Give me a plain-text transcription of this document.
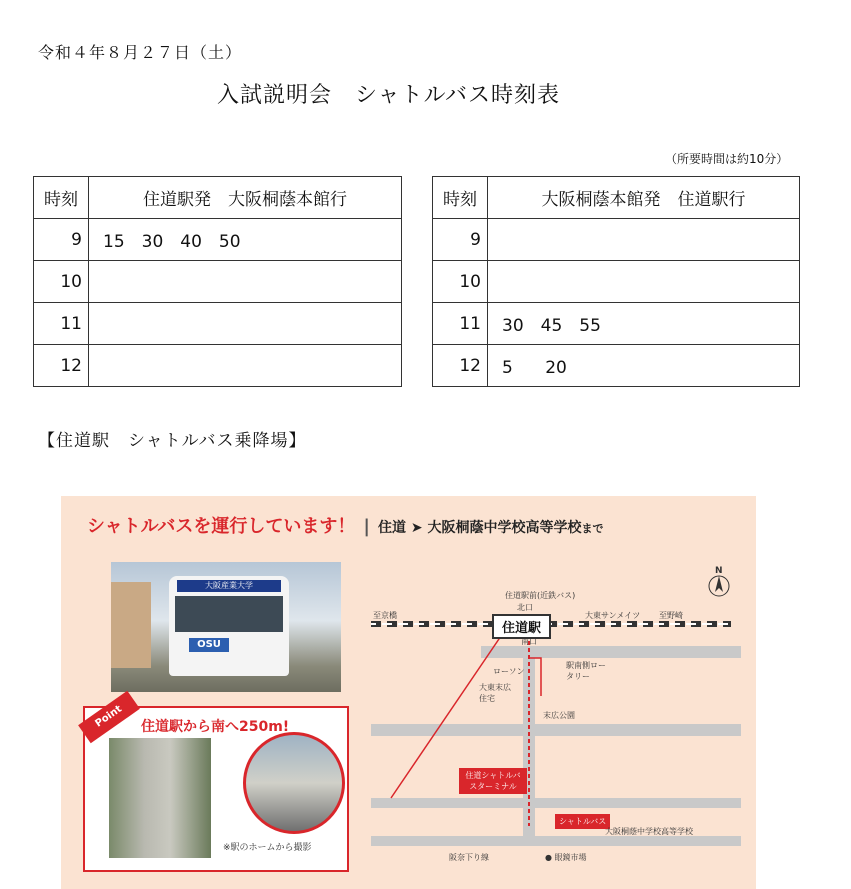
令和４年８月２７日（土）
入試説明会　シャトルバス時刻表
（所要時間は約10分）
時刻	住道駅発　大阪桐蔭本館行
9	15　30　40　50
10	
11	
12	
時刻	大阪桐蔭本館発　住道駅行
9	
10	
11	30　45　55
12	5　 20
【住道駅　シャトルバス乗降場】
シャトルバスを運行しています！ | 住道 ➤ 大阪桐蔭中学校高等学校まで
大阪産業大学
OSU
Point	住道駅から南へ250m!
※駅のホームから撮影
住道駅
北口
南口
住道駅前(近鉄バス)
至京橋	至野崎
大東サンメイツ
ローソン
大東末広住宅
駅南側ロータリー
末広公園
住道シャトルバスターミナル
シャトルバス
大阪桐蔭中学校高等学校
阪奈下り線	● 眼鏡市場
N
